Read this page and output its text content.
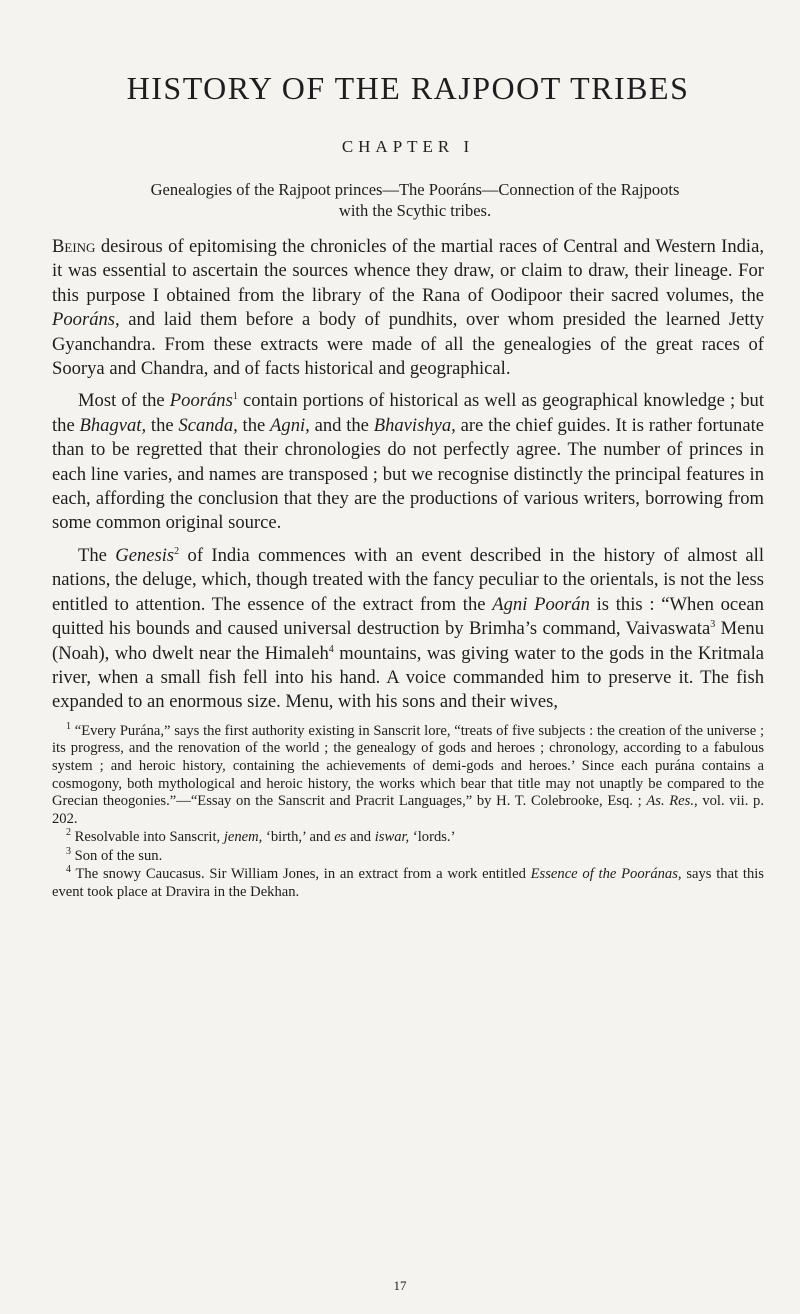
HISTORY OF THE RAJPOOT TRIBES
CHAPTER I
Genealogies of the Rajpoot princes—The Pooráns—Connection of the Rajpoots
with the Scythic tribes.

Being desirous of epitomising the chronicles of the martial races of Central and Western India, it was essential to ascertain the sources whence they draw, or claim to draw, their lineage. For this purpose I obtained from the library of the Rana of Oodipoor their sacred volumes, the Pooráns, and laid them before a body of pundhits, over whom presided the learned Jetty Gyanchandra. From these extracts were made of all the genealogies of the great races of Soorya and Chandra, and of facts historical and geographical.

Most of the Pooráns$^1$ contain portions of historical as well as geographical knowledge ; but the Bhagvat, the Scanda, the Agni, and the Bhavishya, are the chief guides. It is rather fortunate than to be regretted that their chronologies do not perfectly agree. The number of princes in each line varies, and names are transposed ; but we recognise distinctly the principal features in each, affording the conclusion that they are the productions of various writers, borrowing from some common original source.

The Genesis$^2$ of India commences with an event described in the history of almost all nations, the deluge, which, though treated with the fancy peculiar to the orientals, is not the less entitled to attention. The essence of the extract from the Agni Poorán is this : “When ocean quitted his bounds and caused universal destruction by Brimha’s command, Vaivaswata$^3$ Menu (Noah), who dwelt near the Himaleh$^4$ mountains, was giving water to the gods in the Kritmala river, when a small fish fell into his hand. A voice commanded him to preserve it. The fish expanded to an enormous size. Menu, with his sons and their wives,

$^1$ “Every Purána,” says the first authority existing in Sanscrit lore, “treats of five subjects : the creation of the universe ; its progress, and the renovation of the world ; the genealogy of gods and heroes ; chronology, according to a fabulous system ; and heroic history, containing the achievements of demi-gods and heroes.’ Since each purána contains a cosmogony, both mythological and heroic history, the works which bear that title may not unaptly be compared to the Grecian theogonies.”—“Essay on the Sanscrit and Pracrit Languages,” by H. T. Colebrooke, Esq. ; As. Res., vol. vii. p. 202.

$^2$ Resolvable into Sanscrit, jenem, ‘birth,’ and es and iswar, ‘lords.’

$^3$ Son of the sun.

$^4$ The snowy Caucasus. Sir William Jones, in an extract from a work entitled Essence of the Pooránas, says that this event took place at Dravira in the Dekhan.

17
